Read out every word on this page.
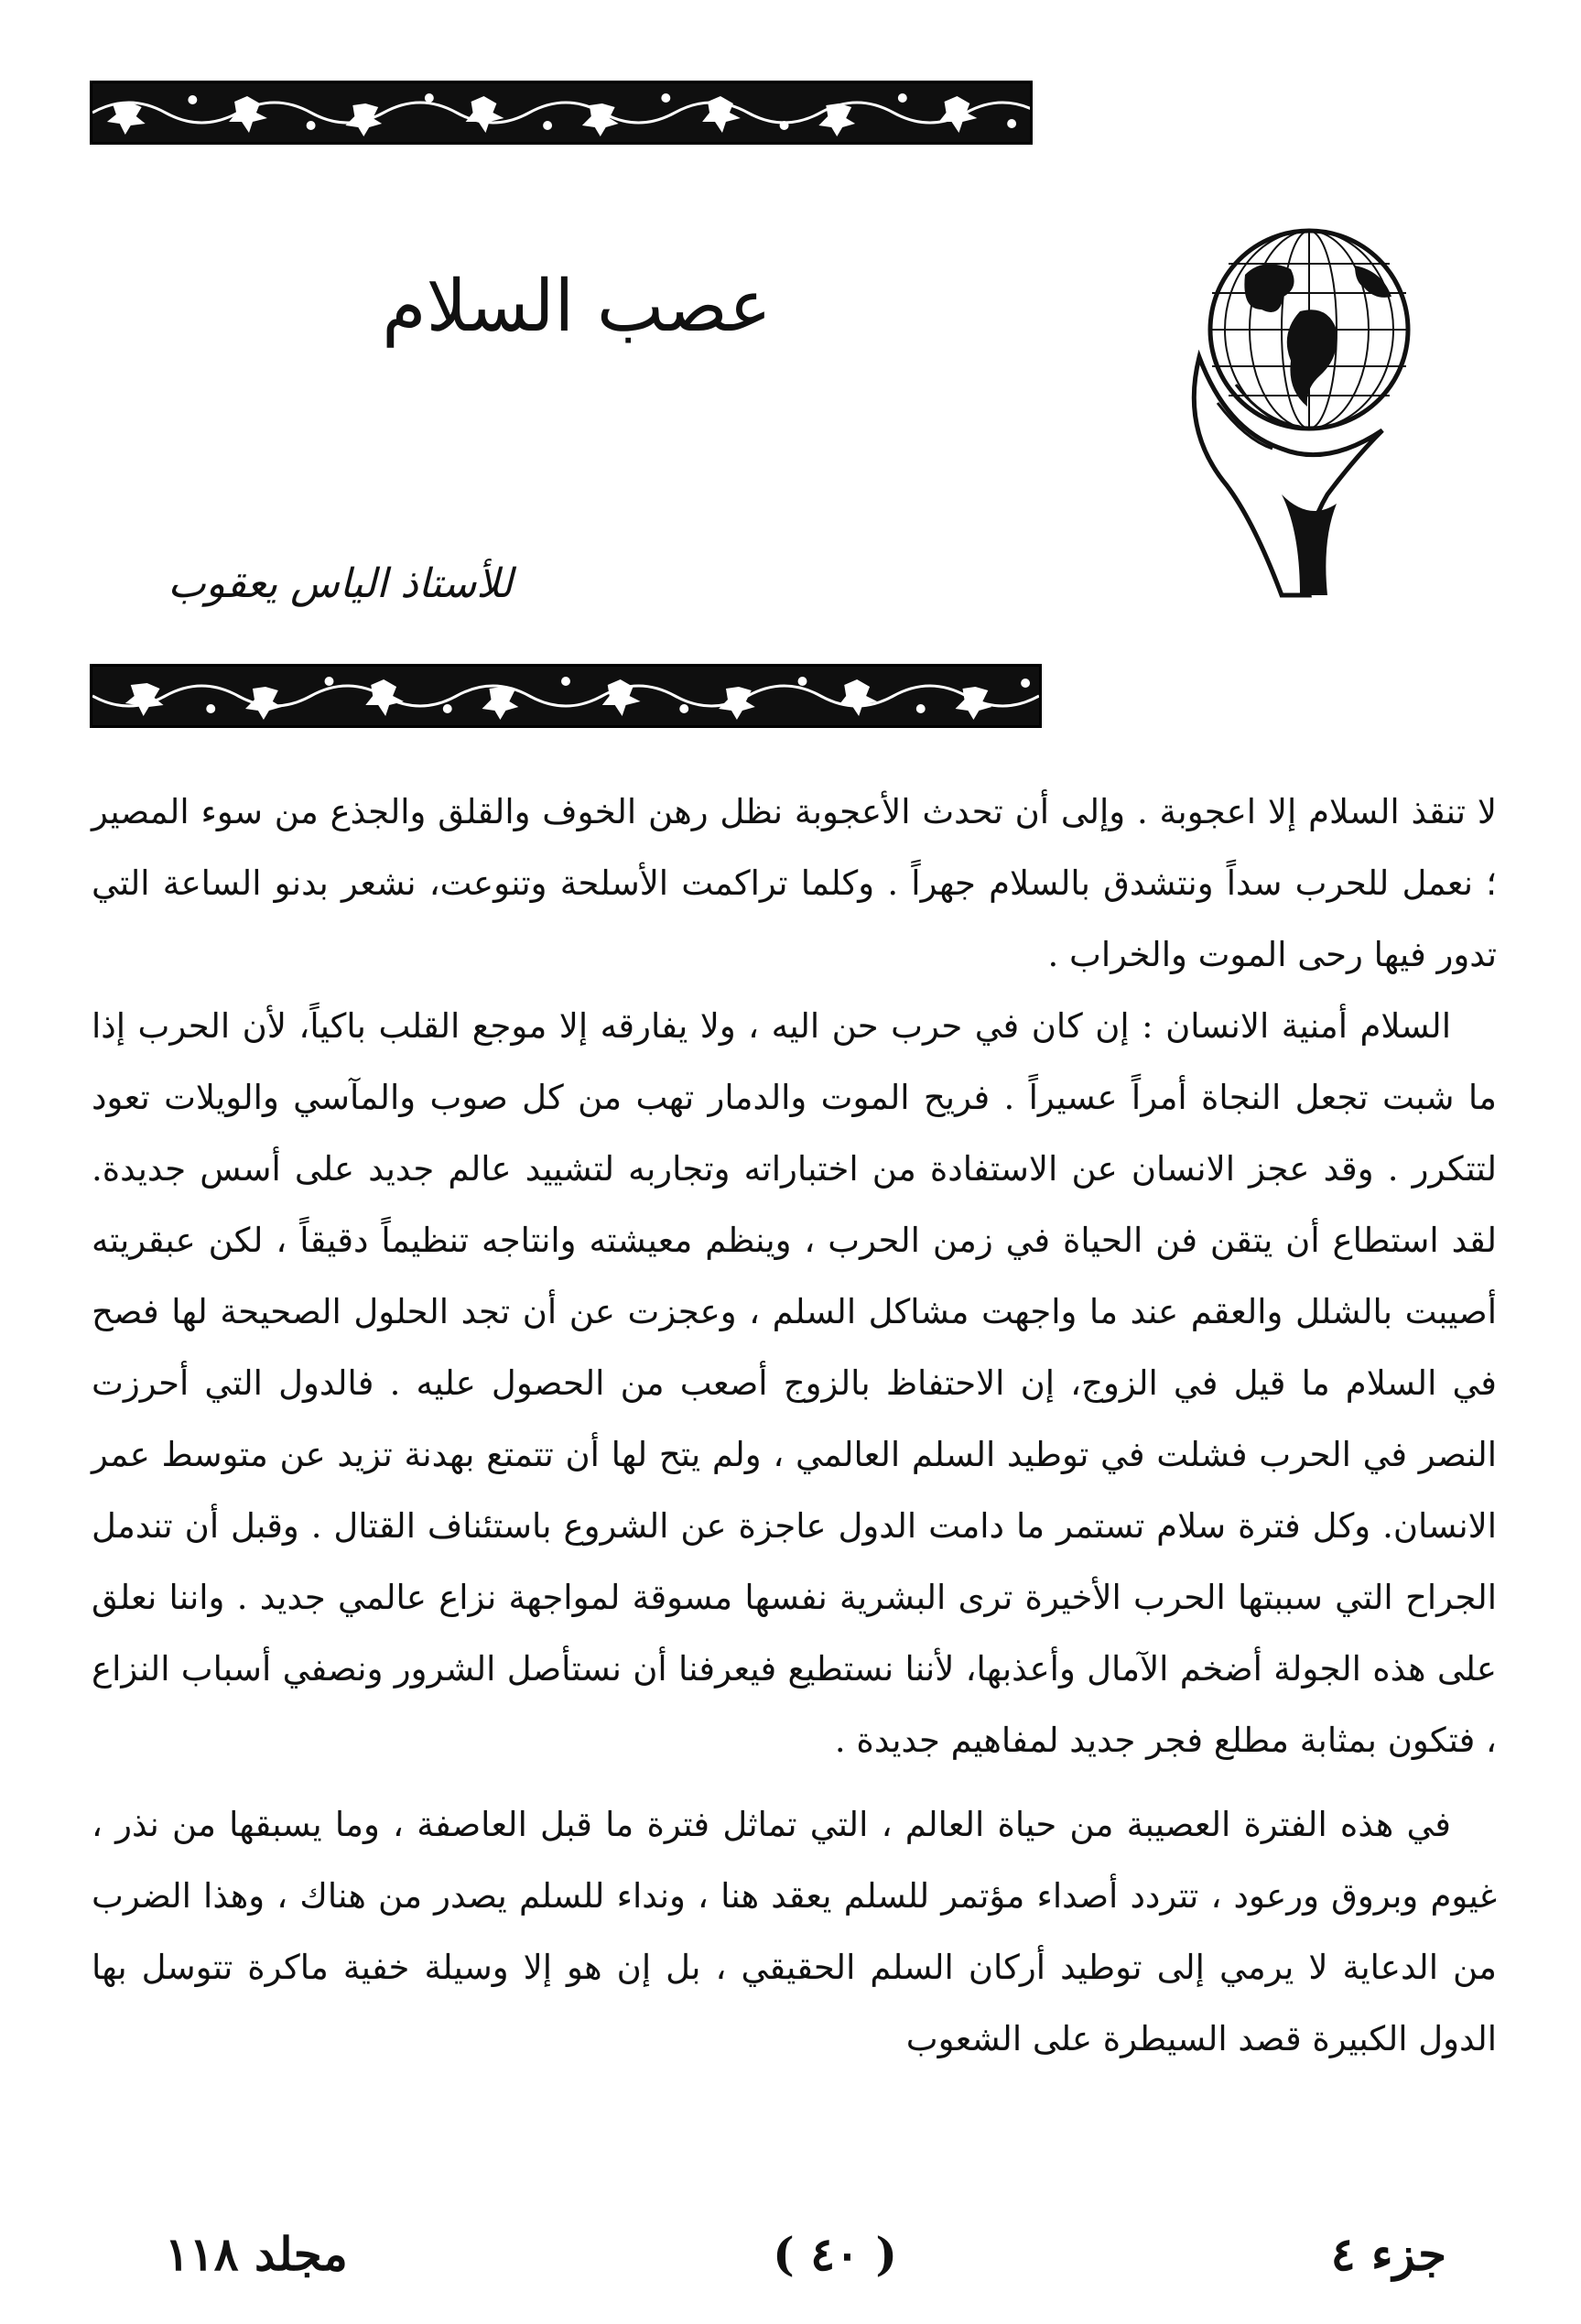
عصب السلام

للأستاذ الياس يعقوب

لا تنقذ السلام إلا اعجوبة . وإلى أن تحدث الأعجوبة نظل رهن الخوف والقلق والجذع من سوء المصير ؛ نعمل للحرب سداً ونتشدق بالسلام جهراً . وكلما تراكمت الأسلحة وتنوعت، نشعر بدنو الساعة التي تدور فيها رحى الموت والخراب .

السلام أمنية الانسان : إن كان في حرب حن اليه ، ولا يفارقه إلا موجع القلب باكياً، لأن الحرب إذا ما شبت تجعل النجاة أمراً عسيراً . فريح الموت والدمار تهب من كل صوب والمآسي والويلات تعود لتتكرر . وقد عجز الانسان عن الاستفادة من اختباراته وتجاربه لتشييد عالم جديد على أسس جديدة. لقد استطاع أن يتقن فن الحياة في زمن الحرب ، وينظم معيشته وانتاجه تنظيماً دقيقاً ، لكن عبقريته أصيبت بالشلل والعقم عند ما واجهت مشاكل السلم ، وعجزت عن أن تجد الحلول الصحيحة لها فصح في السلام ما قيل في الزوج، إن الاحتفاظ بالزوج أصعب من الحصول عليه . فالدول التي أحرزت النصر في الحرب فشلت في توطيد السلم العالمي ، ولم يتح لها أن تتمتع بهدنة تزيد عن متوسط عمر الانسان. وكل فترة سلام تستمر ما دامت الدول عاجزة عن الشروع باستئناف القتال . وقبل أن تندمل الجراح التي سببتها الحرب الأخيرة ترى البشرية نفسها مسوقة لمواجهة نزاع عالمي جديد . واننا نعلق على هذه الجولة أضخم الآمال وأعذبها، لأننا نستطيع فيعرفنا أن نستأصل الشرور ونصفي أسباب النزاع ، فتكون بمثابة مطلع فجر جديد لمفاهيم جديدة .

في هذه الفترة العصيبة من حياة العالم ، التي تماثل فترة ما قبل العاصفة ، وما يسبقها من نذر ، غيوم وبروق ورعود ، تتردد أصداء مؤتمر للسلم يعقد هنا ، ونداء للسلم يصدر من هناك ، وهذا الضرب من الدعاية لا يرمي إلى توطيد أركان السلم الحقيقي ، بل إن هو إلا وسيلة خفية ماكرة تتوسل بها الدول الكبيرة قصد السيطرة على الشعوب

جزء ٤
( ٤٠ )
مجلد ١١٨
